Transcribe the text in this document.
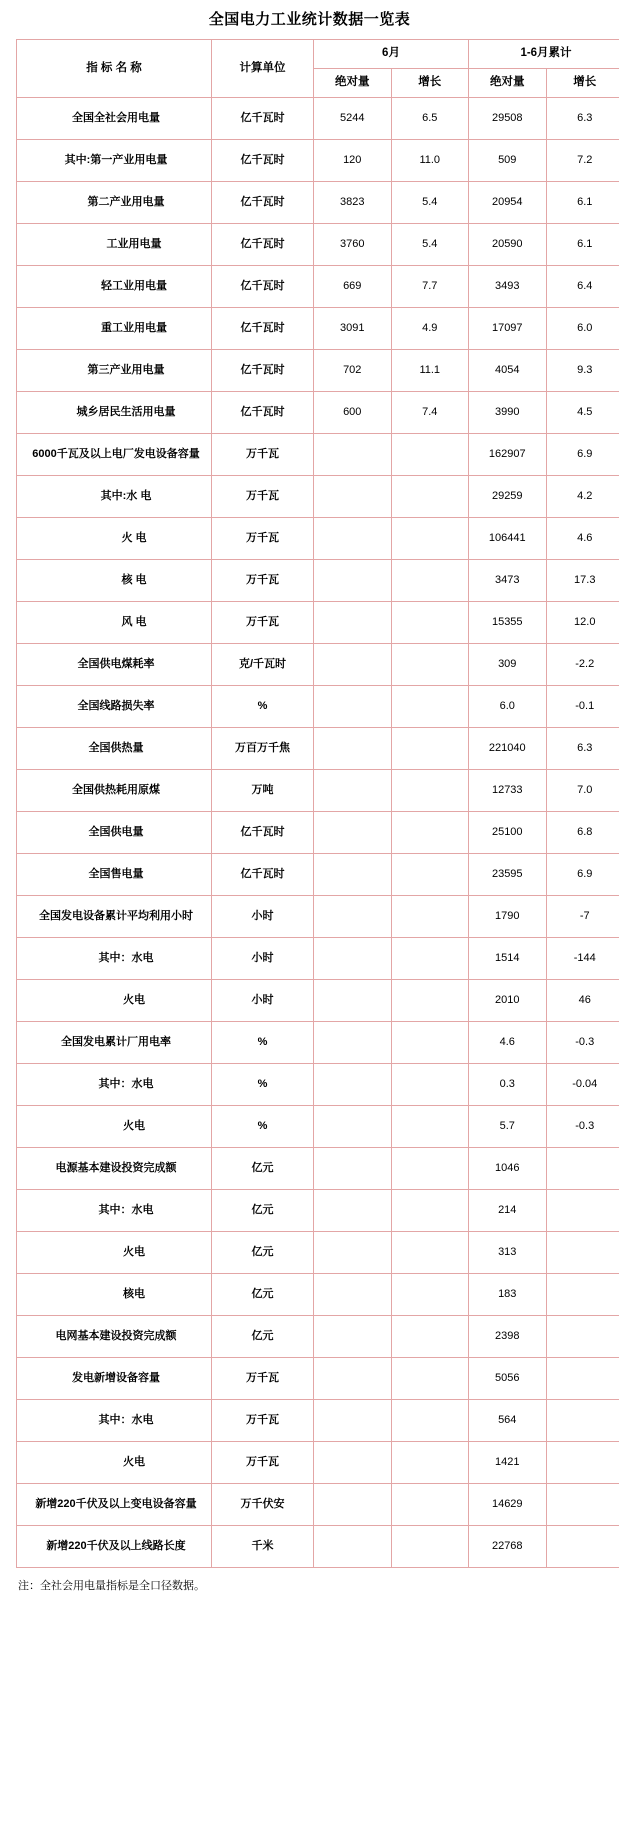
全国电力工业统计数据一览表
指 标 名 称	计算单位	6月		1-6月累计	
		绝对量	增长	绝对量	增长
全国全社会用电量	亿千瓦时	5244	6.5	29508	6.3
其中:第一产业用电量	亿千瓦时	120	11.0	509	7.2
第二产业用电量	亿千瓦时	3823	5.4	20954	6.1
工业用电量	亿千瓦时	3760	5.4	20590	6.1
轻工业用电量	亿千瓦时	669	7.7	3493	6.4
重工业用电量	亿千瓦时	3091	4.9	17097	6.0
第三产业用电量	亿千瓦时	702	11.1	4054	9.3
城乡居民生活用电量	亿千瓦时	600	7.4	3990	4.5
6000千瓦及以上电厂发电设备容量	万千瓦			162907	6.9
其中:水 电	万千瓦			29259	4.2
火 电	万千瓦			106441	4.6
核 电	万千瓦			3473	17.3
风 电	万千瓦			15355	12.0
全国供电煤耗率	克/千瓦时			309	-2.2
全国线路损失率	%			6.0	-0.1
全国供热量	万百万千焦			221040	6.3
全国供热耗用原煤	万吨			12733	7.0
全国供电量	亿千瓦时			25100	6.8
全国售电量	亿千瓦时			23595	6.9
全国发电设备累计平均利用小时	小时			1790	-7
其中：水电	小时			1514	-144
火电	小时			2010	46
全国发电累计厂用电率	%			4.6	-0.3
其中：水电	%			0.3	-0.04
火电	%			5.7	-0.3
电源基本建设投资完成额	亿元			1046	
其中：水电	亿元			214	
火电	亿元			313	
核电	亿元			183	
电网基本建设投资完成额	亿元			2398	
发电新增设备容量	万千瓦			5056	
其中：水电	万千瓦			564	
火电	万千瓦			1421	
新增220千伏及以上变电设备容量	万千伏安			14629	
新增220千伏及以上线路长度	千米			22768	
注：全社会用电量指标是全口径数据。
